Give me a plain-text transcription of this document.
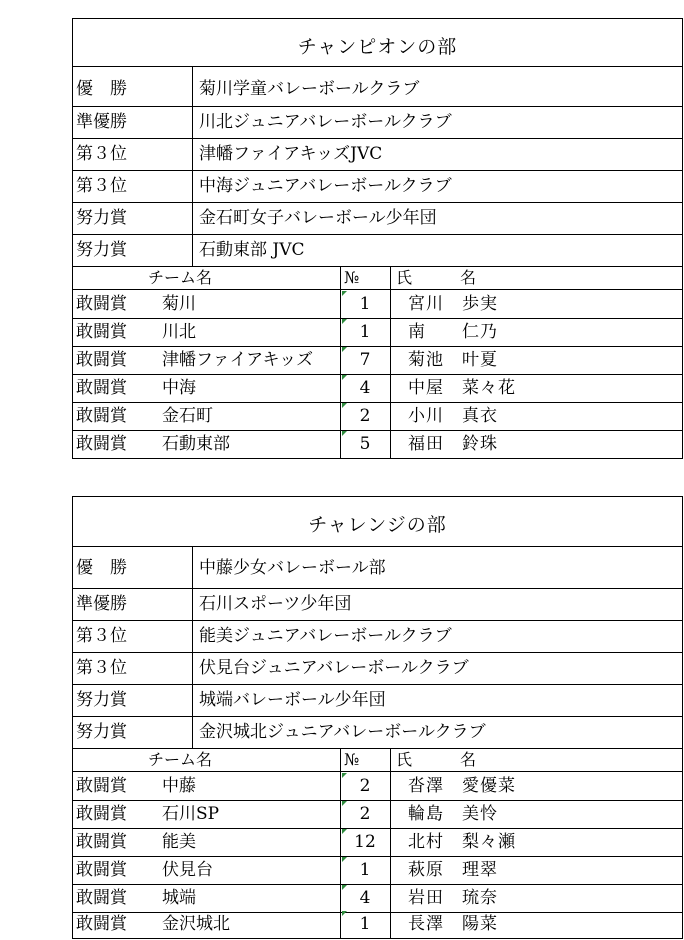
チャンピオンの部
優　勝	菊川学童バレーボールクラブ
準優勝	川北ジュニアバレーボールクラブ
第３位	津幡ファイアキッズJVC
第３位	中海ジュニアバレーボールクラブ
努力賞	金石町女子バレーボール少年団
努力賞	石動東部 JVC
チーム名	№ 氏　　　名
敢闘賞 菊川	1	宮川　歩実
敢闘賞 川北	1	南　　仁乃
敢闘賞 津幡ファイアキッズ	7	菊池　叶夏
敢闘賞 中海	4	中屋　菜々花
敢闘賞 金石町	2	小川　真衣
敢闘賞 石動東部	5	福田　鈴珠
チャレンジの部
優　勝	中藤少女バレーボール部
準優勝	石川スポーツ少年団
第３位	能美ジュニアバレーボールクラブ
第３位	伏見台ジュニアバレーボールクラブ
努力賞	城端バレーボール少年団
努力賞	金沢城北ジュニアバレーボールクラブ
チーム名	№ 氏　　　名
敢闘賞 中藤	2	沓澤　愛優菜
敢闘賞 石川SP	2	輪島　美怜
敢闘賞 能美	12	北村　梨々瀬
敢闘賞 伏見台	1	萩原　理翠
敢闘賞 城端	4	岩田　琉奈
敢闘賞 金沢城北	1	長澤　陽菜
